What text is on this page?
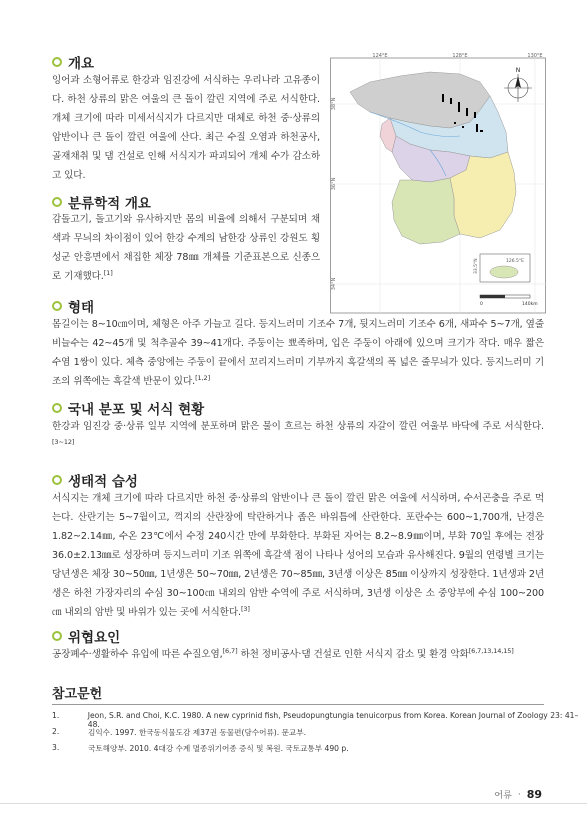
개요

잉어과 소형어류로 한강과 임진강에 서식하는 우리나라 고유종이다. 하천 상류의 맑은 여울의 큰 돌이 깔린 지역에 주로 서식한다. 개체 크기에 따라 미세서식지가 다르지만 대체로 하천 중·상류의 암반이나 큰 돌이 깔린 여울에 산다. 최근 수질 오염과 하천공사, 골재채취 및 댐 건설로 인해 서식지가 파괴되어 개체 수가 감소하고 있다.

분류학적 개요

감돌고기, 돌고기와 유사하지만 몸의 비율에 의해서 구분되며 채색과 무늬의 차이점이 있어 한강 수계의 남한강 상류인 강원도 횡성군 안흥면에서 채집한 체장 78㎜ 개체를 기준표본으로 신종으로 기재했다.[1]

124°E	128°E	130°E
38°N
36°N
34°N
N
126.5°E
33.5°N
0	140km
형태

몸길이는 8~10㎝이며, 체형은 아주 가늘고 길다. 등지느러미 기조수 7개, 뒷지느러미 기조수 6개, 새파수 5~7개, 옆줄비늘수는 42~45개 및 척추골수 39~41개다. 주둥이는 뾰족하며, 입은 주둥이 아래에 있으며 크기가 작다. 매우 짧은 수염 1쌍이 있다. 체측 중앙에는 주둥이 끝에서 꼬리지느러미 기부까지 흑갈색의 폭 넓은 줄무늬가 있다. 등지느러미 기조의 위쪽에는 흑갈색 반문이 있다.[1,2]

국내 분포 및 서식 현황

한강과 임진강 중·상류 일부 지역에 분포하며 맑은 물이 흐르는 하천 상류의 자갈이 깔린 여울부 바닥에 주로 서식한다.[3~12]

생태적 습성

서식지는 개체 크기에 따라 다르지만 하천 중·상류의 암반이나 큰 돌이 깔린 맑은 여울에 서식하며, 수서곤충을 주로 먹는다. 산란기는 5~7월이고, 꺽지의 산란장에 탁란하거나 좁은 바위틈에 산란한다. 포란수는 600~1,700개, 난경은 1.82~2.14㎜, 수온 23℃에서 수정 240시간 만에 부화한다. 부화된 자어는 8.2~8.9㎜이며, 부화 70일 후에는 전장 36.0±2.13㎜로 성장하며 등지느러미 기조 위쪽에 흑갈색 점이 나타나 성어의 모습과 유사해진다. 9월의 연령별 크기는 당년생은 체장 30~50㎜, 1년생은 50~70㎜, 2년생은 70~85㎜, 3년생 이상은 85㎜ 이상까지 성장한다. 1년생과 2년생은 하천 가장자리의 수심 30~100㎝ 내외의 암반 수역에 주로 서식하며, 3년생 이상은 소 중앙부에 수심 100~200㎝ 내외의 암반 및 바위가 있는 곳에 서식한다.[3]

위협요인

공장폐수·생활하수 유입에 따른 수질오염,[6,7] 하천 정비공사·댐 건설로 인한 서식지 감소 및 환경 악화[6,7,13,14,15]

참고문헌
1.	Jeon, S.R. and Choi, K.C. 1980. A new cyprinid fish, Pseudopungtungia tenuicorpus from Korea. Korean Journal of Zoology 23: 41–48.
2.	김익수. 1997. 한국동식물도감 제37권 동물편(담수어류). 문교부.
3.	국토해양부. 2010. 4대강 수계 멸종위기어종 증식 및 복원. 국토교통부 490 p.
어류 · 89
